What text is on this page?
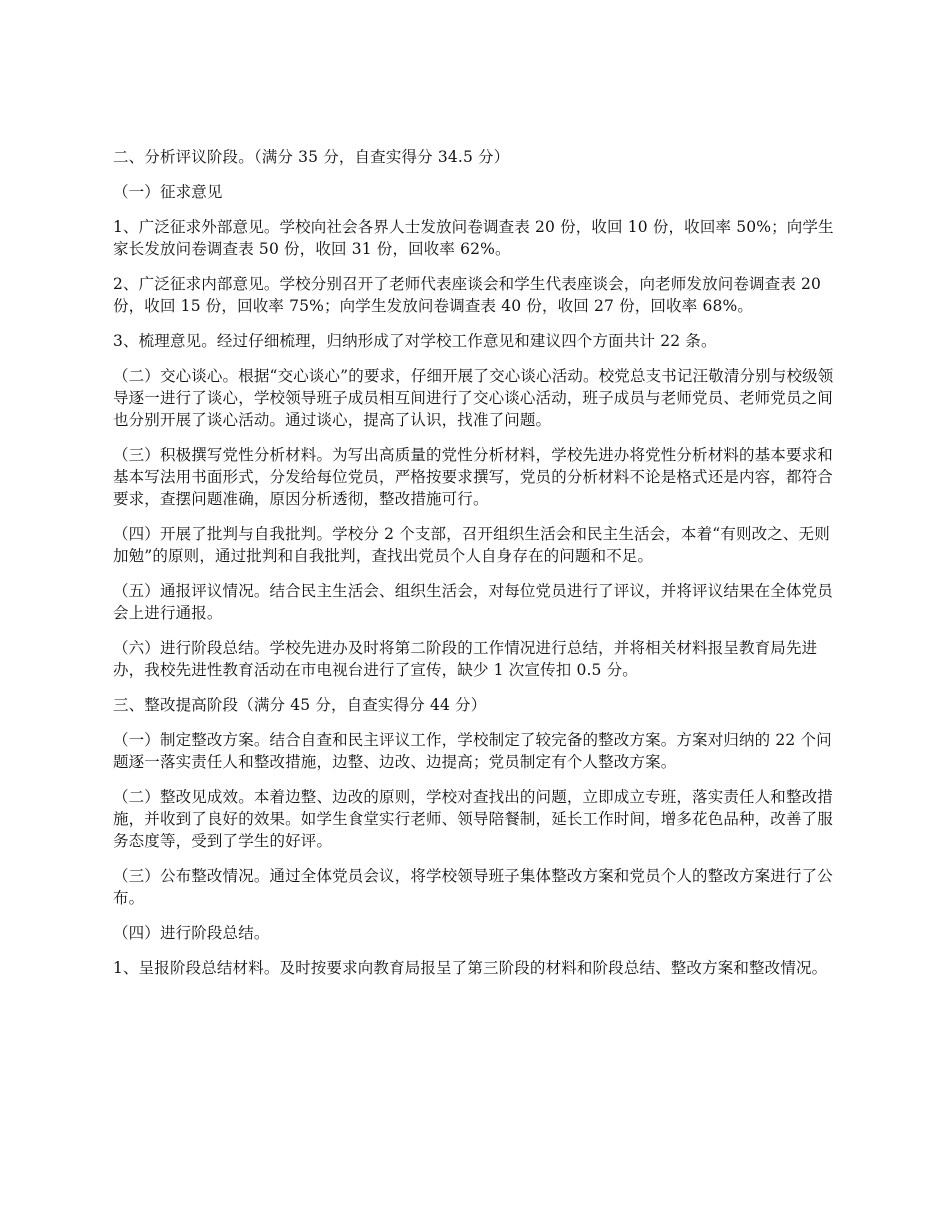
二、分析评议阶段。（满分 35 分，自查实得分 34.5 分）

（一）征求意见

1、广泛征求外部意见。学校向社会各界人士发放问卷调查表 20 份，收回 10 份，收回率 50%；向学生家长发放问卷调查表 50 份，收回 31 份，回收率 62%。

2、广泛征求内部意见。学校分别召开了老师代表座谈会和学生代表座谈会，向老师发放问卷调查表 20 份，收回 15 份，回收率 75%；向学生发放问卷调查表 40 份，收回 27 份，回收率 68%。

3、梳理意见。经过仔细梳理，归纳形成了对学校工作意见和建议四个方面共计 22 条。

（二）交心谈心。根据“交心谈心”的要求，仔细开展了交心谈心活动。校党总支书记汪敬清分别与校级领导逐一进行了谈心，学校领导班子成员相互间进行了交心谈心活动，班子成员与老师党员、老师党员之间也分别开展了谈心活动。通过谈心，提高了认识，找准了问题。

（三）积极撰写党性分析材料。为写出高质量的党性分析材料，学校先进办将党性分析材料的基本要求和基本写法用书面形式，分发给每位党员，严格按要求撰写，党员的分析材料不论是格式还是内容，都符合要求，查摆问题准确，原因分析透彻，整改措施可行。

（四）开展了批判与自我批判。学校分 2 个支部，召开组织生活会和民主生活会，本着“有则改之、无则加勉”的原则，通过批判和自我批判，查找出党员个人自身存在的问题和不足。

（五）通报评议情况。结合民主生活会、组织生活会，对每位党员进行了评议，并将评议结果在全体党员会上进行通报。

（六）进行阶段总结。学校先进办及时将第二阶段的工作情况进行总结，并将相关材料报呈教育局先进办，我校先进性教育活动在市电视台进行了宣传，缺少 1 次宣传扣 0.5 分。

三、整改提高阶段（满分 45 分，自查实得分 44 分）

（一）制定整改方案。结合自查和民主评议工作，学校制定了较完备的整改方案。方案对归纳的 22 个问题逐一落实责任人和整改措施，边整、边改、边提高；党员制定有个人整改方案。

（二）整改见成效。本着边整、边改的原则，学校对查找出的问题，立即成立专班，落实责任人和整改措施，并收到了良好的效果。如学生食堂实行老师、领导陪餐制，延长工作时间，增多花色品种，改善了服务态度等，受到了学生的好评。

（三）公布整改情况。通过全体党员会议，将学校领导班子集体整改方案和党员个人的整改方案进行了公布。

（四）进行阶段总结。

1、呈报阶段总结材料。及时按要求向教育局报呈了第三阶段的材料和阶段总结、整改方案和整改情况。
